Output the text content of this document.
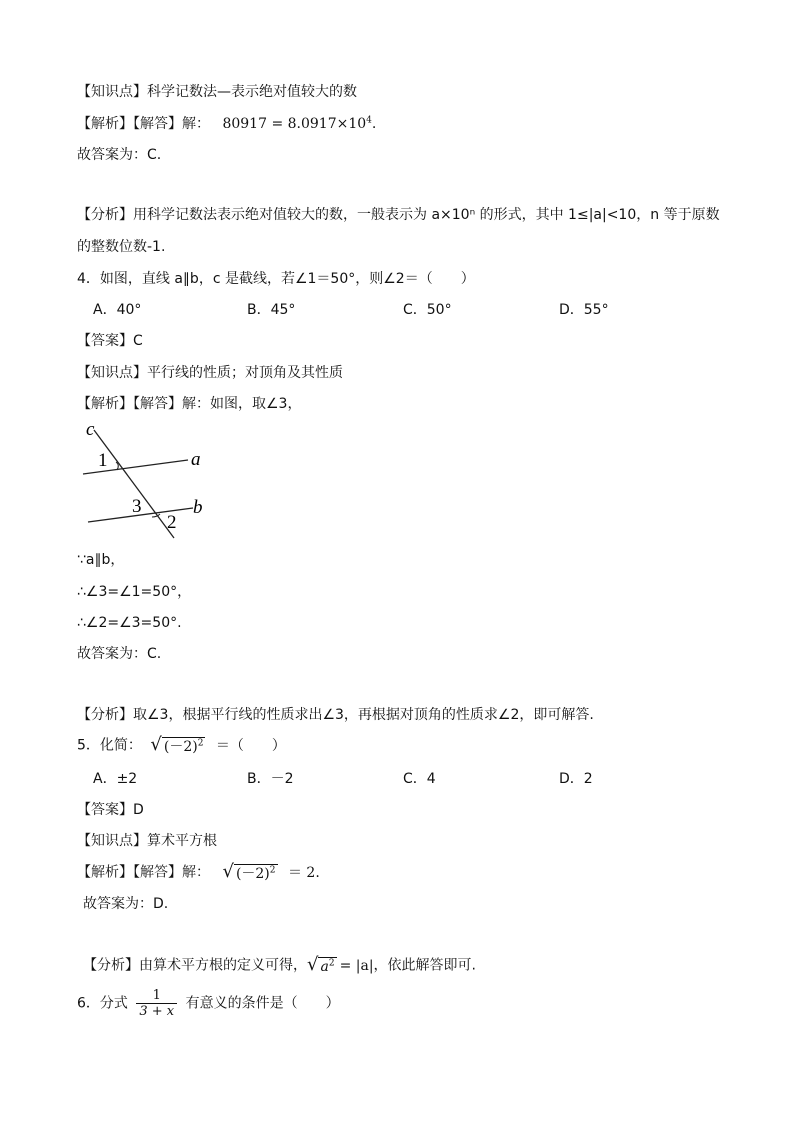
【知识点】科学记数法—表示绝对值较大的数
【解析】【解答】解： $80917 = 8.0917\times 10^4$.
故答案为：C.
【分析】用科学记数法表示绝对值较大的数，一般表示为 a×10ⁿ 的形式，其中 1≤|a|<10，n 等于原数
的整数位数-1.
4．如图，直线 a∥b，c 是截线，若∠1＝50°，则∠2＝（　　）
A．40°	B．45°	C．50°	D．55°
【答案】C
【知识点】平行线的性质；对顶角及其性质
【解析】【解答】解：如图，取∠3，
c
1	a
3	b
2
∵a∥b，
∴∠3=∠1=50°，
∴∠2=∠3=50°.
故答案为：C.
【分析】取∠3，根据平行线的性质求出∠3，再根据对顶角的性质求∠2，即可解答.
5．化简： √ $(-2)^2$ ＝（　　）
A．±2	B．－2	C．4	D．2
【答案】D
【知识点】算术平方根
【解析】【解答】解： √ $(-2)^2 = 2$.
故答案为：D.
【分析】由算术平方根的定义可得， √ $a^2 = |a|$，依此解答即可.
6．分式 $\frac{1}{3 + x}$ 有意义的条件是（　　）
